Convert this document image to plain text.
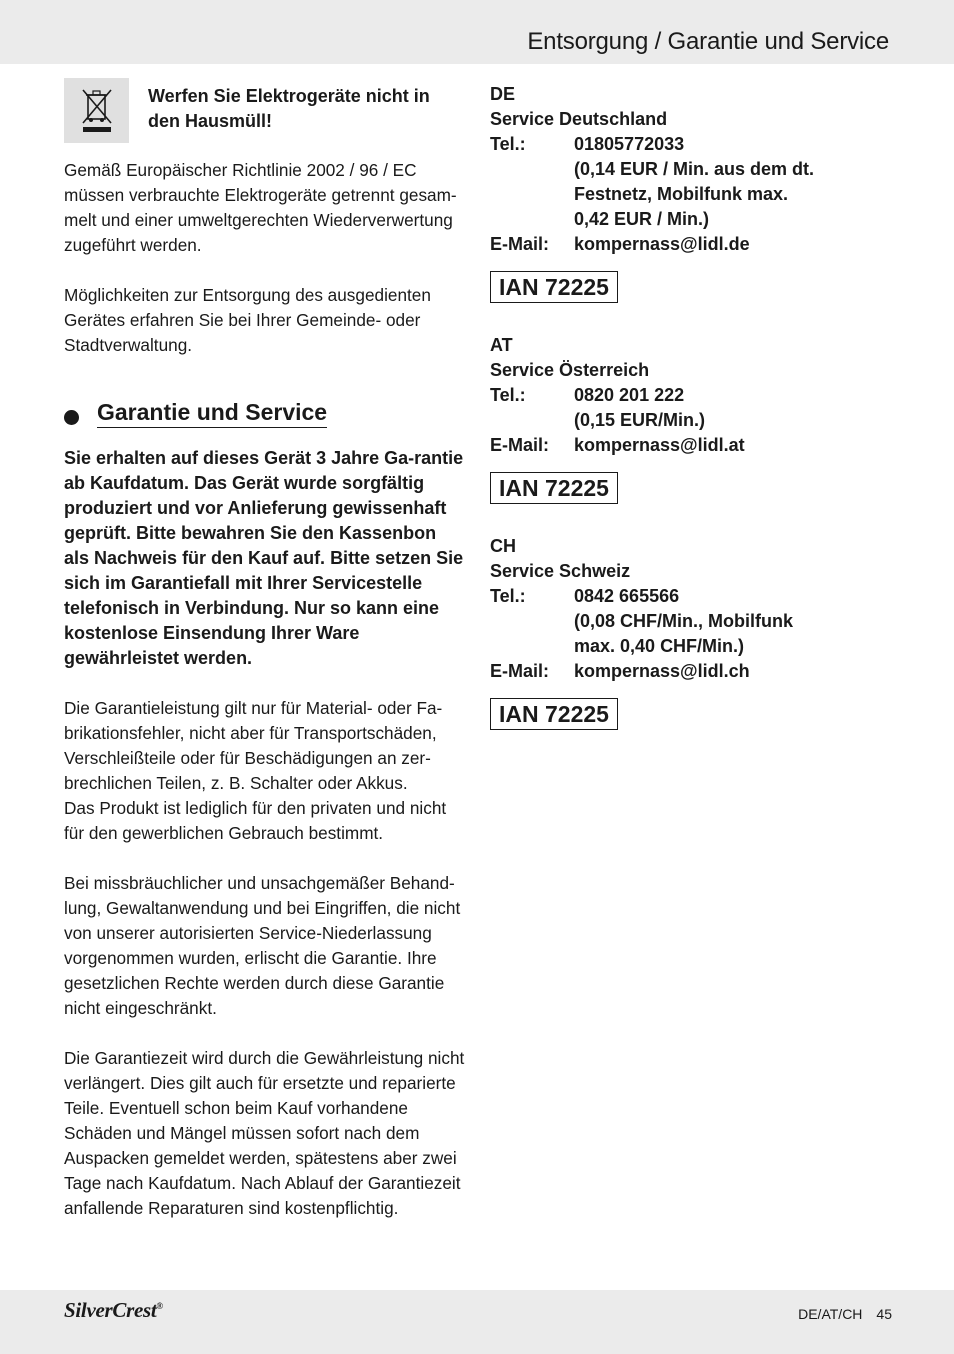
Entsorgung / Garantie und Service
Werfen Sie Elektrogeräte nicht in den Hausmüll!

Gemäß Europäischer Richtlinie 2002 / 96 / EC müssen verbrauchte Elektrogeräte getrennt gesam-melt und einer umweltgerechten Wiederverwertung zugeführt werden.

Möglichkeiten zur Entsorgung des ausgedienten Gerätes erfahren Sie bei Ihrer Gemeinde- oder Stadtverwaltung.

Garantie und Service

Sie erhalten auf dieses Gerät 3 Jahre Ga-rantie ab Kaufdatum. Das Gerät wurde sorgfältig produziert und vor Anlieferung gewissenhaft geprüft. Bitte bewahren Sie den Kassenbon als Nachweis für den Kauf auf. Bitte setzen Sie sich im Garantiefall mit Ihrer Servicestelle telefonisch in Verbindung. Nur so kann eine kostenlose Einsendung Ihrer Ware gewährleistet werden.

Die Garantieleistung gilt nur für Material- oder Fa-brikationsfehler, nicht aber für Transportschäden, Verschleißteile oder für Beschädigungen an zer-brechlichen Teilen, z. B. Schalter oder Akkus.

Das Produkt ist lediglich für den privaten und nicht für den gewerblichen Gebrauch bestimmt.

Bei missbräuchlicher und unsachgemäßer Behand-lung, Gewaltanwendung und bei Eingriffen, die nicht von unserer autorisierten Service-Niederlassung vorgenommen wurden, erlischt die Garantie. Ihre gesetzlichen Rechte werden durch diese Garantie nicht eingeschränkt.

Die Garantiezeit wird durch die Gewährleistung nicht verlängert. Dies gilt auch für ersetzte und reparierte Teile. Eventuell schon beim Kauf vorhandene Schäden und Mängel müssen sofort nach dem Auspacken gemeldet werden, spätestens aber zwei Tage nach Kaufdatum. Nach Ablauf der Garantiezeit anfallende Reparaturen sind kostenpflichtig.

DE
Service Deutschland
Tel.:	01805772033
(0,14 EUR / Min. aus dem dt.
Festnetz, Mobilfunk max.
0,42 EUR / Min.)
E-Mail:	kompernass@lidl.de
IAN 72225
AT
Service Österreich
Tel.:	0820 201 222
(0,15 EUR/Min.)
E-Mail:	kompernass@lidl.at
IAN 72225
CH
Service Schweiz
Tel.:	0842 665566
(0,08 CHF/Min., Mobilfunk
max. 0,40 CHF/Min.)
E-Mail:	kompernass@lidl.ch
IAN 72225
SilverCrest®	DE/AT/CH 45
